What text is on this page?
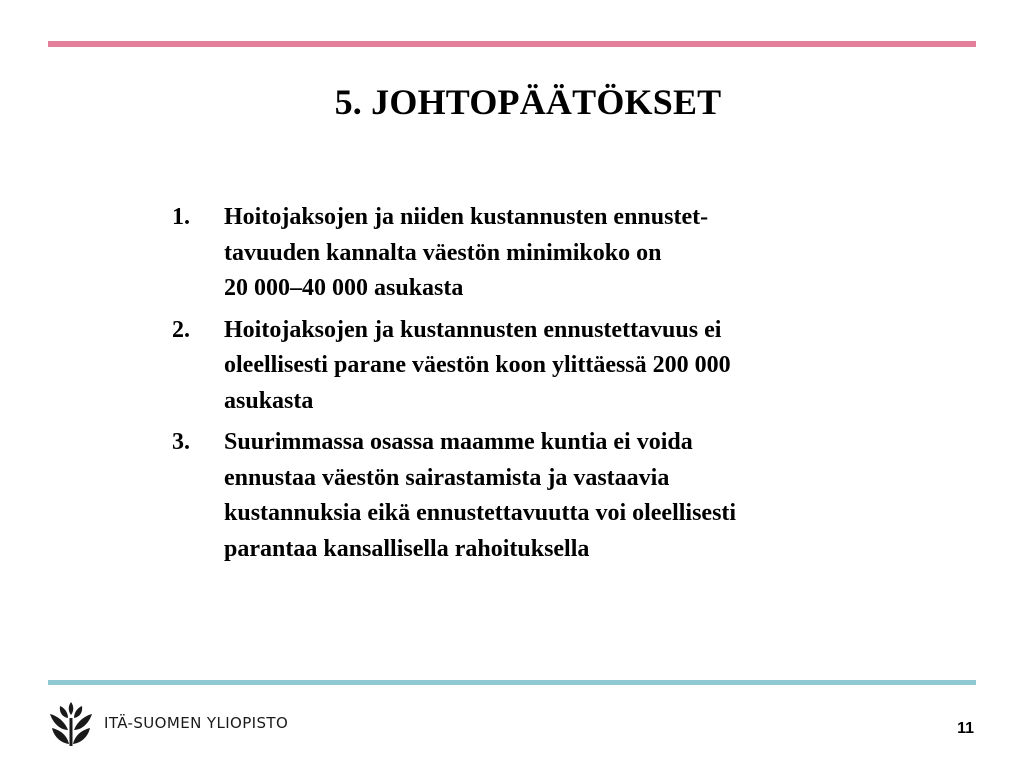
5. JOHTOPÄÄTÖKSET
1. Hoitojaksojen ja niiden kustannusten ennustet-
tavuuden kannalta väestön minimikoko on
20 000–40 000 asukasta
2. Hoitojaksojen ja kustannusten ennustettavuus ei
oleellisesti parane väestön koon ylittäessä 200 000
asukasta
3. Suurimmassa osassa maamme kuntia ei voida
ennustaa väestön sairastamista ja vastaavia
kustannuksia eikä ennustettavuutta voi oleellisesti
parantaa kansallisella rahoituksella
ITÄ-SUOMEN YLIOPISTO	11
